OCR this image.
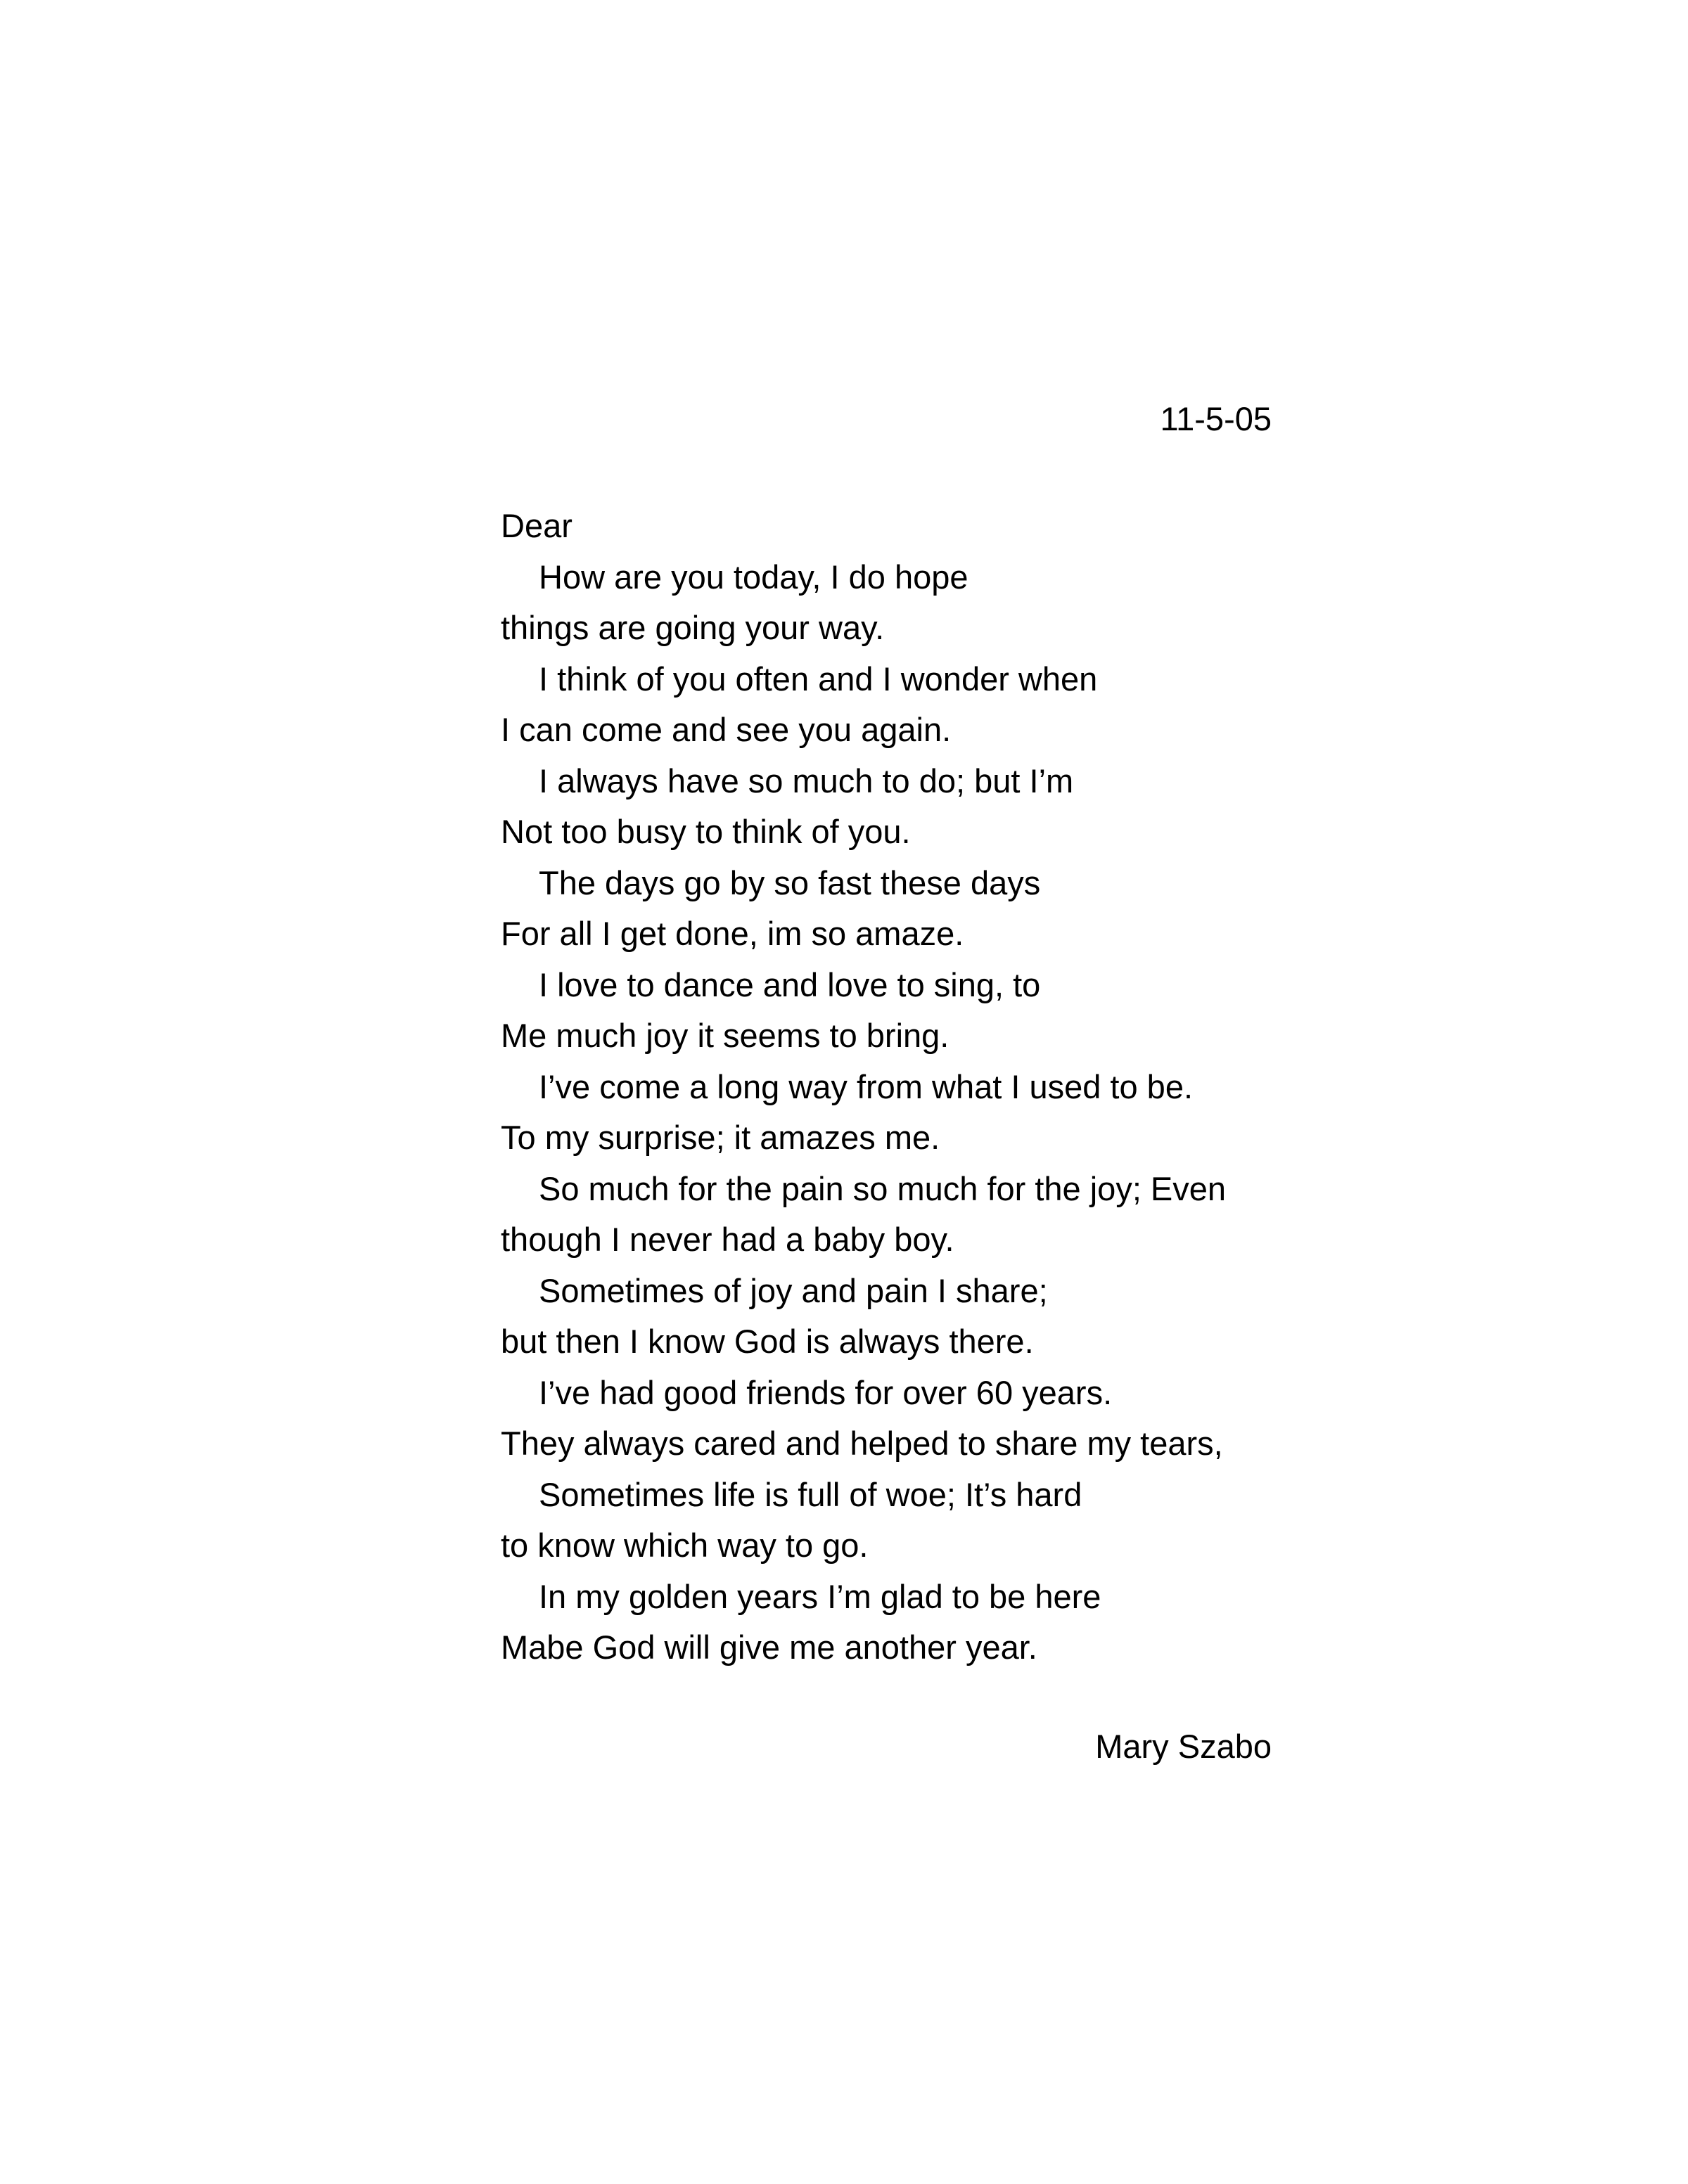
11-5-05
Dear
How are you today, I do hope
things are going your way.
I think of you often and I wonder when
I can come and see you again.
I always have so much to do; but I’m
Not too busy to think of you.
The days go by so fast these days
For all I get done, im so amaze.
I love to dance and love to sing, to
Me much joy it seems to bring.
I’ve come a long way from what I used to be.
To my surprise; it amazes me.
So much for the pain so much for the joy; Even
though I never had a baby boy.
Sometimes of joy and pain I share;
but then I know God is always there.
I’ve had good friends for over 60 years.
They always cared and helped to share my tears,
Sometimes life is full of woe; It’s hard
to know which way to go.
In my golden years I’m glad to be here
Mabe God will give me another year.
Mary Szabo
